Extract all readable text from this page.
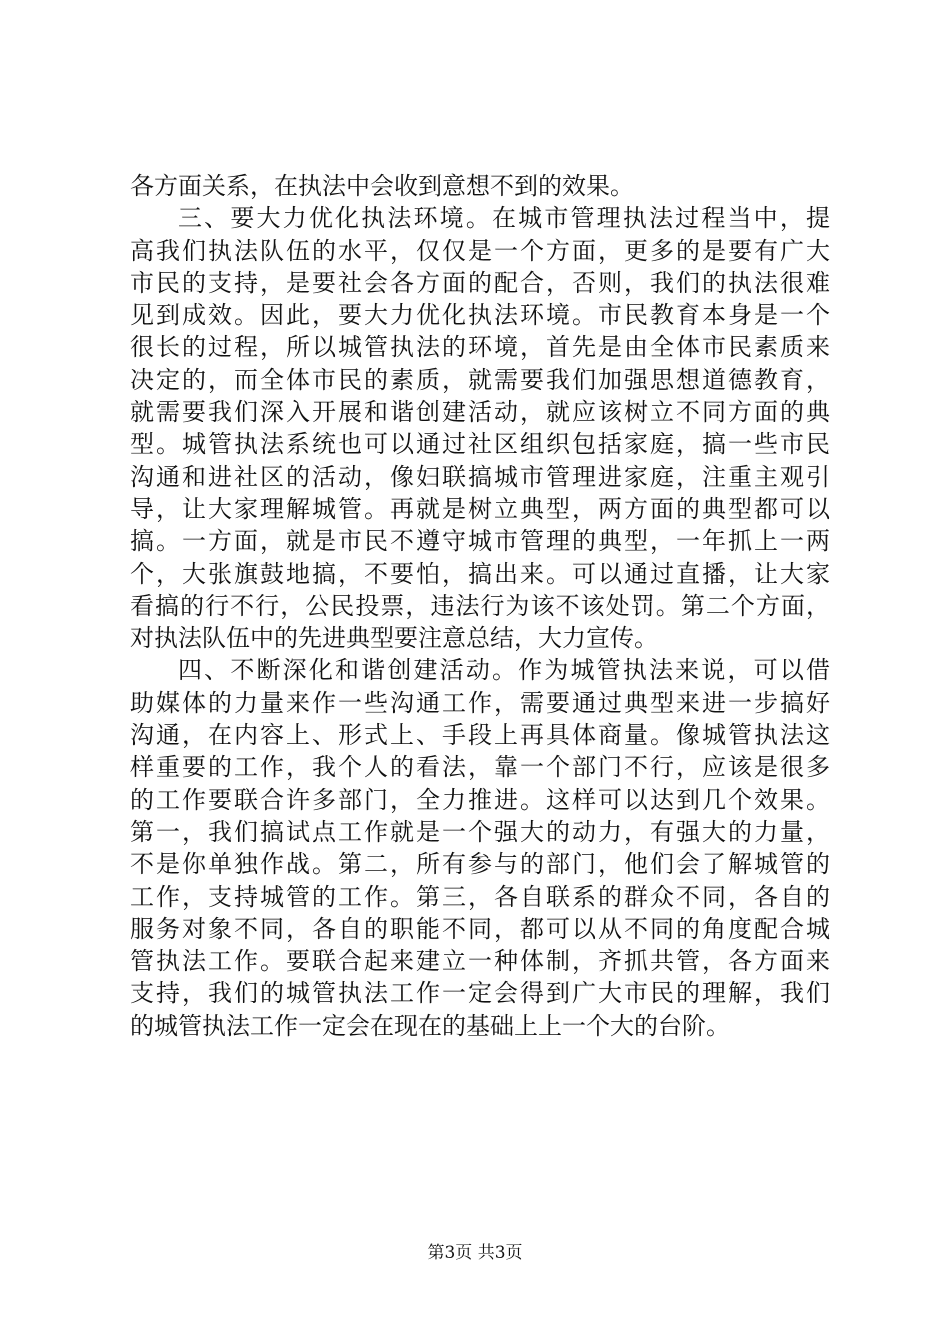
各方面关系，在执法中会收到意想不到的效果。
三、要大力优化执法环境。在城市管理执法过程当中，提
高我们执法队伍的水平，仅仅是一个方面，更多的是要有广大
市民的支持，是要社会各方面的配合，否则，我们的执法很难
见到成效。因此，要大力优化执法环境。市民教育本身是一个
很长的过程，所以城管执法的环境，首先是由全体市民素质来
决定的，而全体市民的素质，就需要我们加强思想道德教育，
就需要我们深入开展和谐创建活动，就应该树立不同方面的典
型。城管执法系统也可以通过社区组织包括家庭，搞一些市民
沟通和进社区的活动，像妇联搞城市管理进家庭，注重主观引
导，让大家理解城管。再就是树立典型，两方面的典型都可以
搞。一方面，就是市民不遵守城市管理的典型，一年抓上一两
个，大张旗鼓地搞，不要怕，搞出来。可以通过直播，让大家
看搞的行不行，公民投票，违法行为该不该处罚。第二个方面，
对执法队伍中的先进典型要注意总结，大力宣传。
四、不断深化和谐创建活动。作为城管执法来说，可以借
助媒体的力量来作一些沟通工作，需要通过典型来进一步搞好
沟通，在内容上、形式上、手段上再具体商量。像城管执法这
样重要的工作，我个人的看法，靠一个部门不行，应该是很多
的工作要联合许多部门，全力推进。这样可以达到几个效果。
第一，我们搞试点工作就是一个强大的动力，有强大的力量，
不是你单独作战。第二，所有参与的部门，他们会了解城管的
工作，支持城管的工作。第三，各自联系的群众不同，各自的
服务对象不同，各自的职能不同，都可以从不同的角度配合城
管执法工作。要联合起来建立一种体制，齐抓共管，各方面来
支持，我们的城管执法工作一定会得到广大市民的理解，我们
的城管执法工作一定会在现在的基础上上一个大的台阶。
第3页 共3页
